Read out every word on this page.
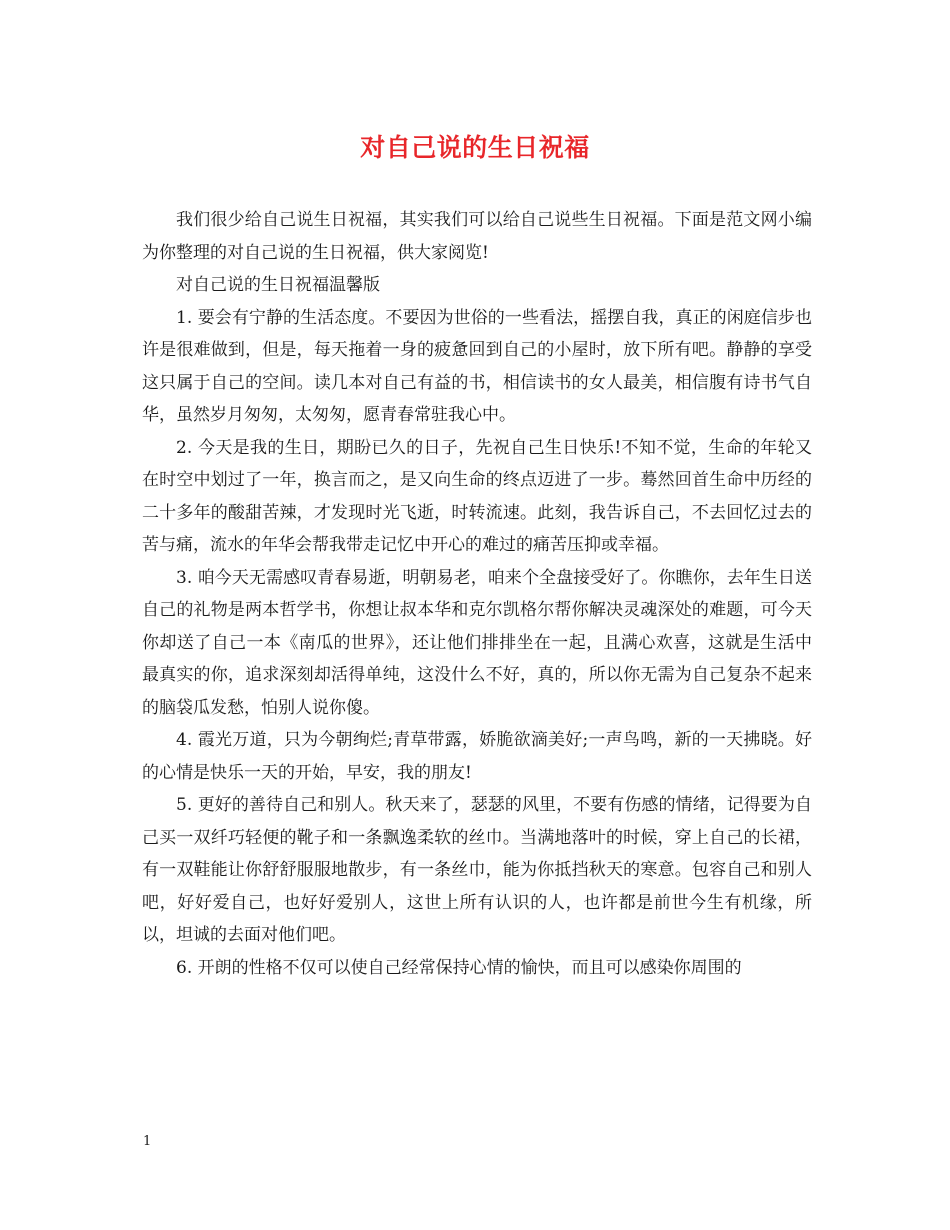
对自己说的生日祝福

我们很少给自己说生日祝福，其实我们可以给自己说些生日祝福。下面是范文网小编为你整理的对自己说的生日祝福，供大家阅览!

对自己说的生日祝福温馨版

1. 要会有宁静的生活态度。不要因为世俗的一些看法，摇摆自我，真正的闲庭信步也许是很难做到，但是，每天拖着一身的疲惫回到自己的小屋时，放下所有吧。静静的享受这只属于自己的空间。读几本对自己有益的书，相信读书的女人最美，相信腹有诗书气自华，虽然岁月匆匆，太匆匆，愿青春常驻我心中。

2. 今天是我的生日，期盼已久的日子，先祝自己生日快乐!不知不觉，生命的年轮又在时空中划过了一年，换言而之，是又向生命的终点迈进了一步。蓦然回首生命中历经的二十多年的酸甜苦辣，才发现时光飞逝，时转流速。此刻，我告诉自己，不去回忆过去的苦与痛，流水的年华会帮我带走记忆中开心的难过的痛苦压抑或幸福。

3. 咱今天无需感叹青春易逝，明朝易老，咱来个全盘接受好了。你瞧你，去年生日送自己的礼物是两本哲学书，你想让叔本华和克尔凯格尔帮你解决灵魂深处的难题，可今天你却送了自己一本《南瓜的世界》，还让他们排排坐在一起，且满心欢喜，这就是生活中最真实的你，追求深刻却活得单纯，这没什么不好，真的，所以你无需为自己复杂不起来的脑袋瓜发愁，怕别人说你傻。

4. 霞光万道，只为今朝绚烂;青草带露，娇脆欲滴美好;一声鸟鸣，新的一天拂晓。好的心情是快乐一天的开始，早安，我的朋友!

5. 更好的善待自己和别人。秋天来了，瑟瑟的风里，不要有伤感的情绪，记得要为自己买一双纤巧轻便的靴子和一条飘逸柔软的丝巾。当满地落叶的时候，穿上自己的长裙，有一双鞋能让你舒舒服服地散步，有一条丝巾，能为你抵挡秋天的寒意。包容自己和别人吧，好好爱自己，也好好爱别人，这世上所有认识的人，也许都是前世今生有机缘，所以，坦诚的去面对他们吧。

6. 开朗的性格不仅可以使自己经常保持心情的愉快，而且可以感染你周围的

1
